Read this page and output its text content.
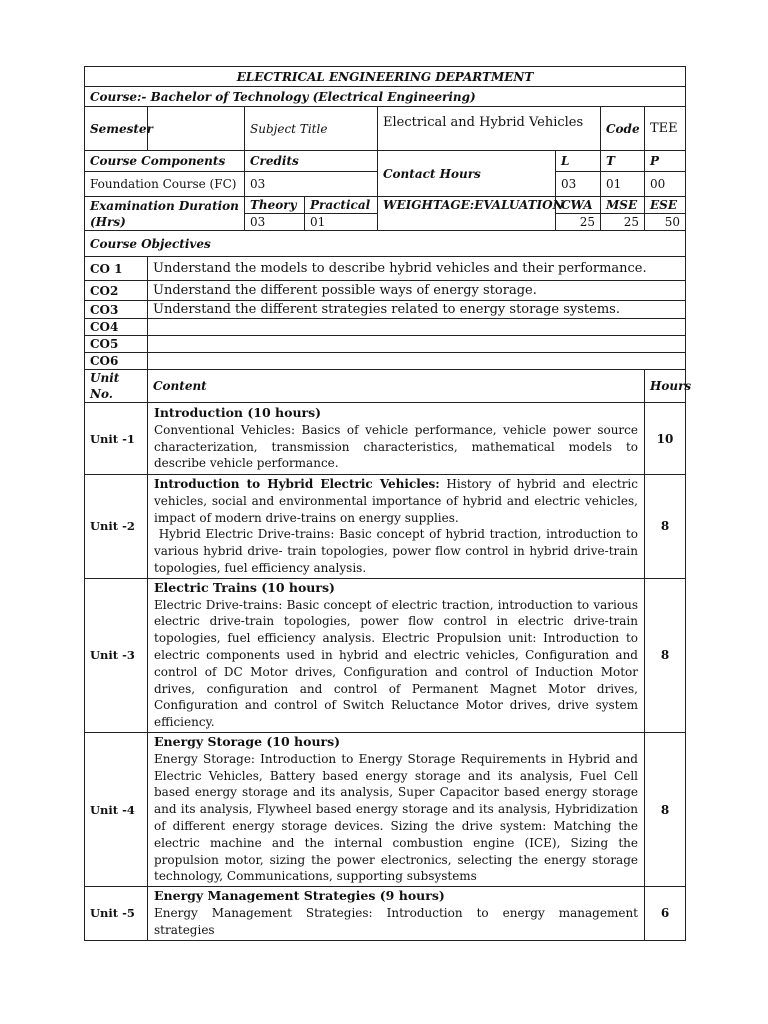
ELECTRICAL ENGINEERING DEPARTMENT							
Course:- Bachelor of Technology (Electrical Engineering)							
Semester		Subject Title		Electrical and Hybrid Vehicles		Code	TEE
Course Components		Credits		Contact Hours	L	T	P
Foundation Course (FC)		03			03	01	00
Examination Duration (Hrs)		Theory	Practical	WEIGHTAGE:EVALUATION	CWA	MSE	ESE
		03	01		25	25	50
Course Objectives							
CO 1	Understand the models to describe hybrid vehicles and their performance.						
CO2	Understand the different possible ways of energy storage.						
CO3	Understand the different strategies related to energy storage systems.						
CO4							
CO5							
CO6							
Unit No.	Content						Hours
Unit -1	Introduction (10 hours)
Conventional Vehicles: Basics of vehicle performance, vehicle power source characterization, transmission characteristics, mathematical models to describe vehicle performance.						10
Unit -2	Introduction to Hybrid Electric Vehicles: History of hybrid and electric vehicles, social and environmental importance of hybrid and electric vehicles, impact of modern drive-trains on energy supplies.
Hybrid Electric Drive-trains: Basic concept of hybrid traction, introduction to various hybrid drive- train topologies, power flow control in hybrid drive-train topologies, fuel efficiency analysis.						8
Unit -3	Electric Trains (10 hours)
Electric Drive-trains: Basic concept of electric traction, introduction to various electric drive-train topologies, power flow control in electric drive-train topologies, fuel efficiency analysis. Electric Propulsion unit: Introduction to electric components used in hybrid and electric vehicles, Configuration and control of DC Motor drives, Configuration and control of Induction Motor drives, configuration and control of Permanent Magnet Motor drives, Configuration and control of Switch Reluctance Motor drives, drive system efficiency.						8
Unit -4	Energy Storage (10 hours)
Energy Storage: Introduction to Energy Storage Requirements in Hybrid and Electric Vehicles, Battery based energy storage and its analysis, Fuel Cell based energy storage and its analysis, Super Capacitor based energy storage and its analysis, Flywheel based energy storage and its analysis, Hybridization of different energy storage devices. Sizing the drive system: Matching the electric machine and the internal combustion engine (ICE), Sizing the propulsion motor, sizing the power electronics, selecting the energy storage technology, Communications, supporting subsystems						8
Unit -5	Energy Management Strategies (9 hours)
Energy Management Strategies: Introduction to energy management strategies						6
